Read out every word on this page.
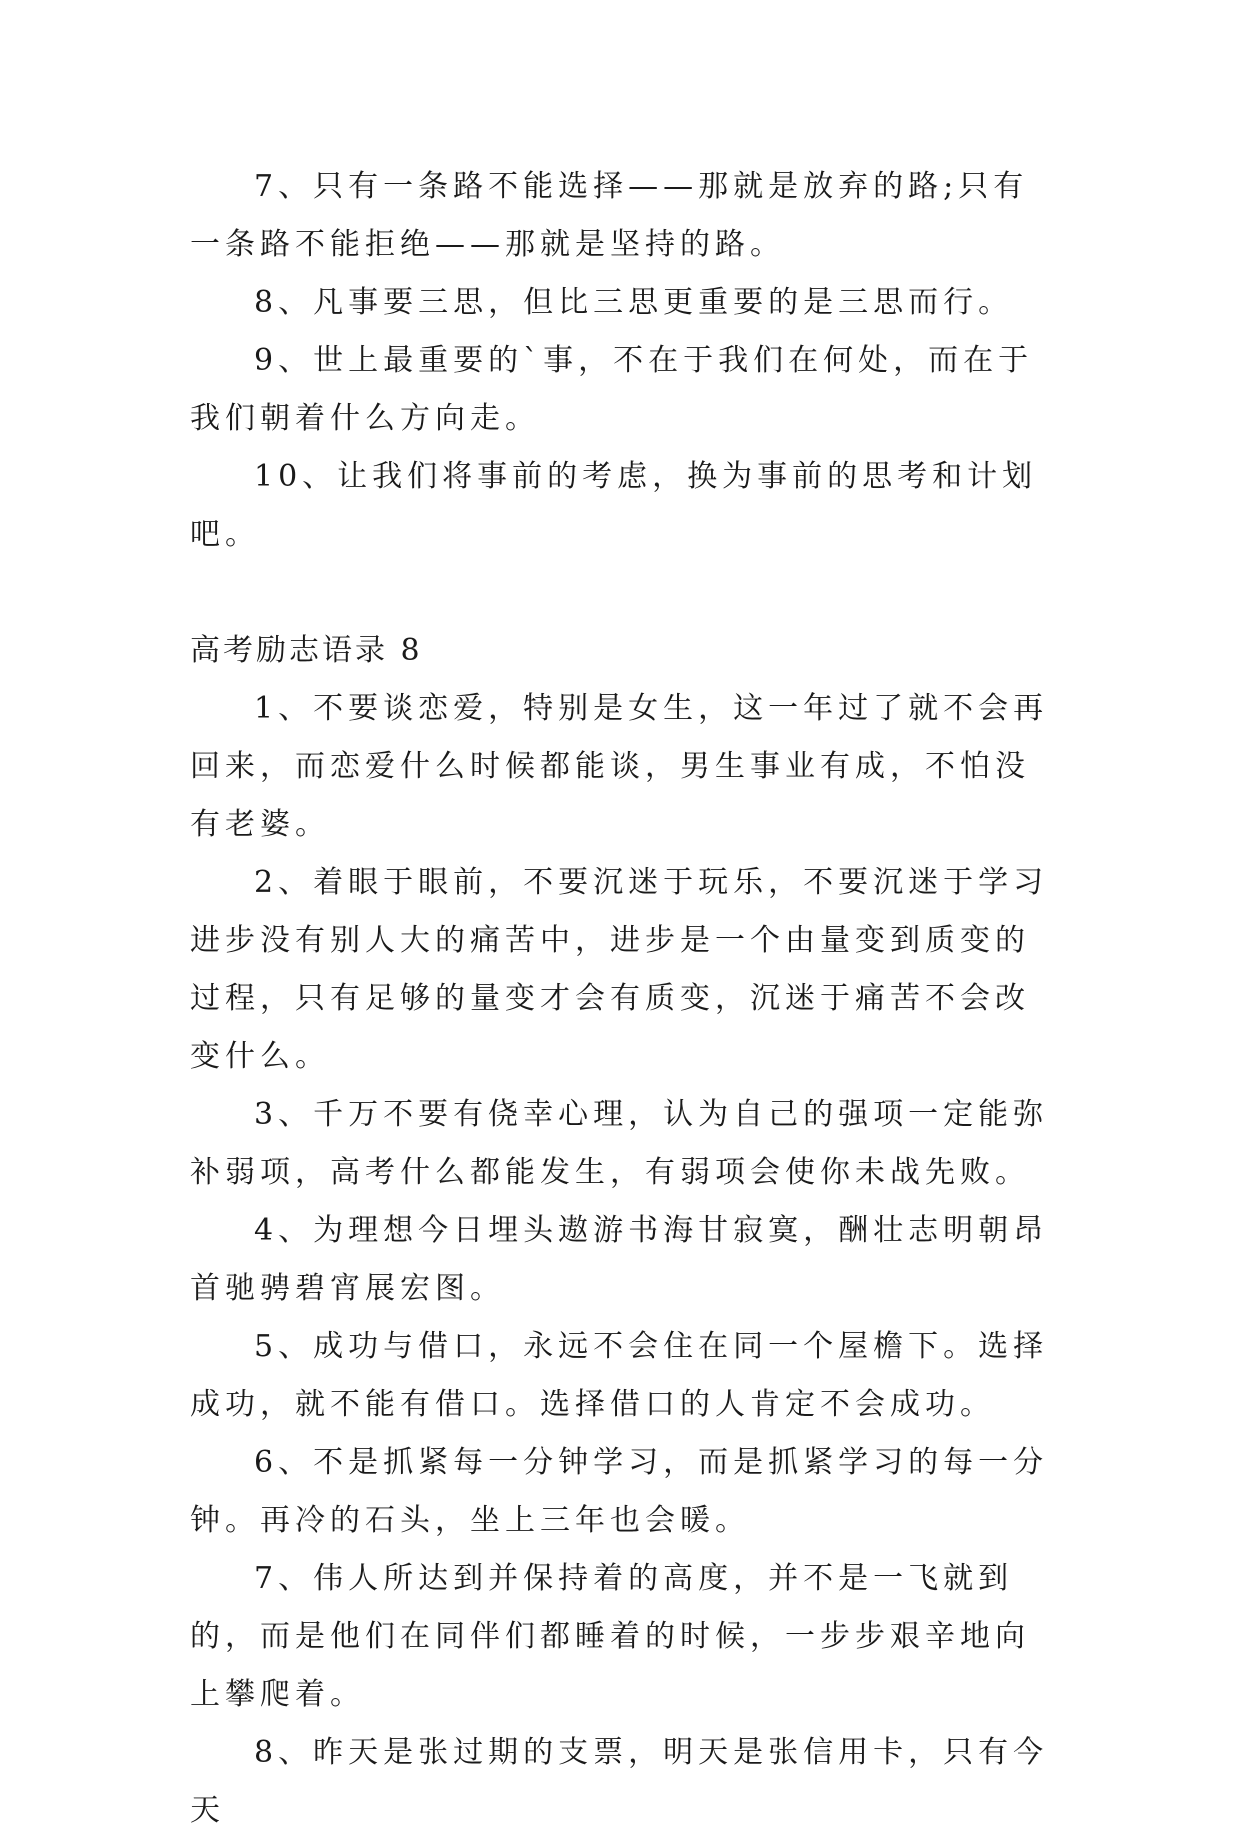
7、只有一条路不能选择——那就是放弃的路;只有一条路不能拒绝——那就是坚持的路。

8、凡事要三思，但比三思更重要的是三思而行。

9、世上最重要的`事，不在于我们在何处，而在于我们朝着什么方向走。

10、让我们将事前的考虑，换为事前的思考和计划吧。

高考励志语录 8

1、不要谈恋爱，特别是女生，这一年过了就不会再回来，而恋爱什么时候都能谈，男生事业有成，不怕没有老婆。

2、着眼于眼前，不要沉迷于玩乐，不要沉迷于学习进步没有别人大的痛苦中，进步是一个由量变到质变的过程，只有足够的量变才会有质变，沉迷于痛苦不会改变什么。

3、千万不要有侥幸心理，认为自己的强项一定能弥补弱项，高考什么都能发生，有弱项会使你未战先败。

4、为理想今日埋头遨游书海甘寂寞，酬壮志明朝昂首驰骋碧宵展宏图。

5、成功与借口，永远不会住在同一个屋檐下。选择成功，就不能有借口。选择借口的人肯定不会成功。

6、不是抓紧每一分钟学习，而是抓紧学习的每一分钟。再冷的石头，坐上三年也会暖。

7、伟人所达到并保持着的高度，并不是一飞就到的，而是他们在同伴们都睡着的时候，一步步艰辛地向上攀爬着。

8、昨天是张过期的支票，明天是张信用卡，只有今天
